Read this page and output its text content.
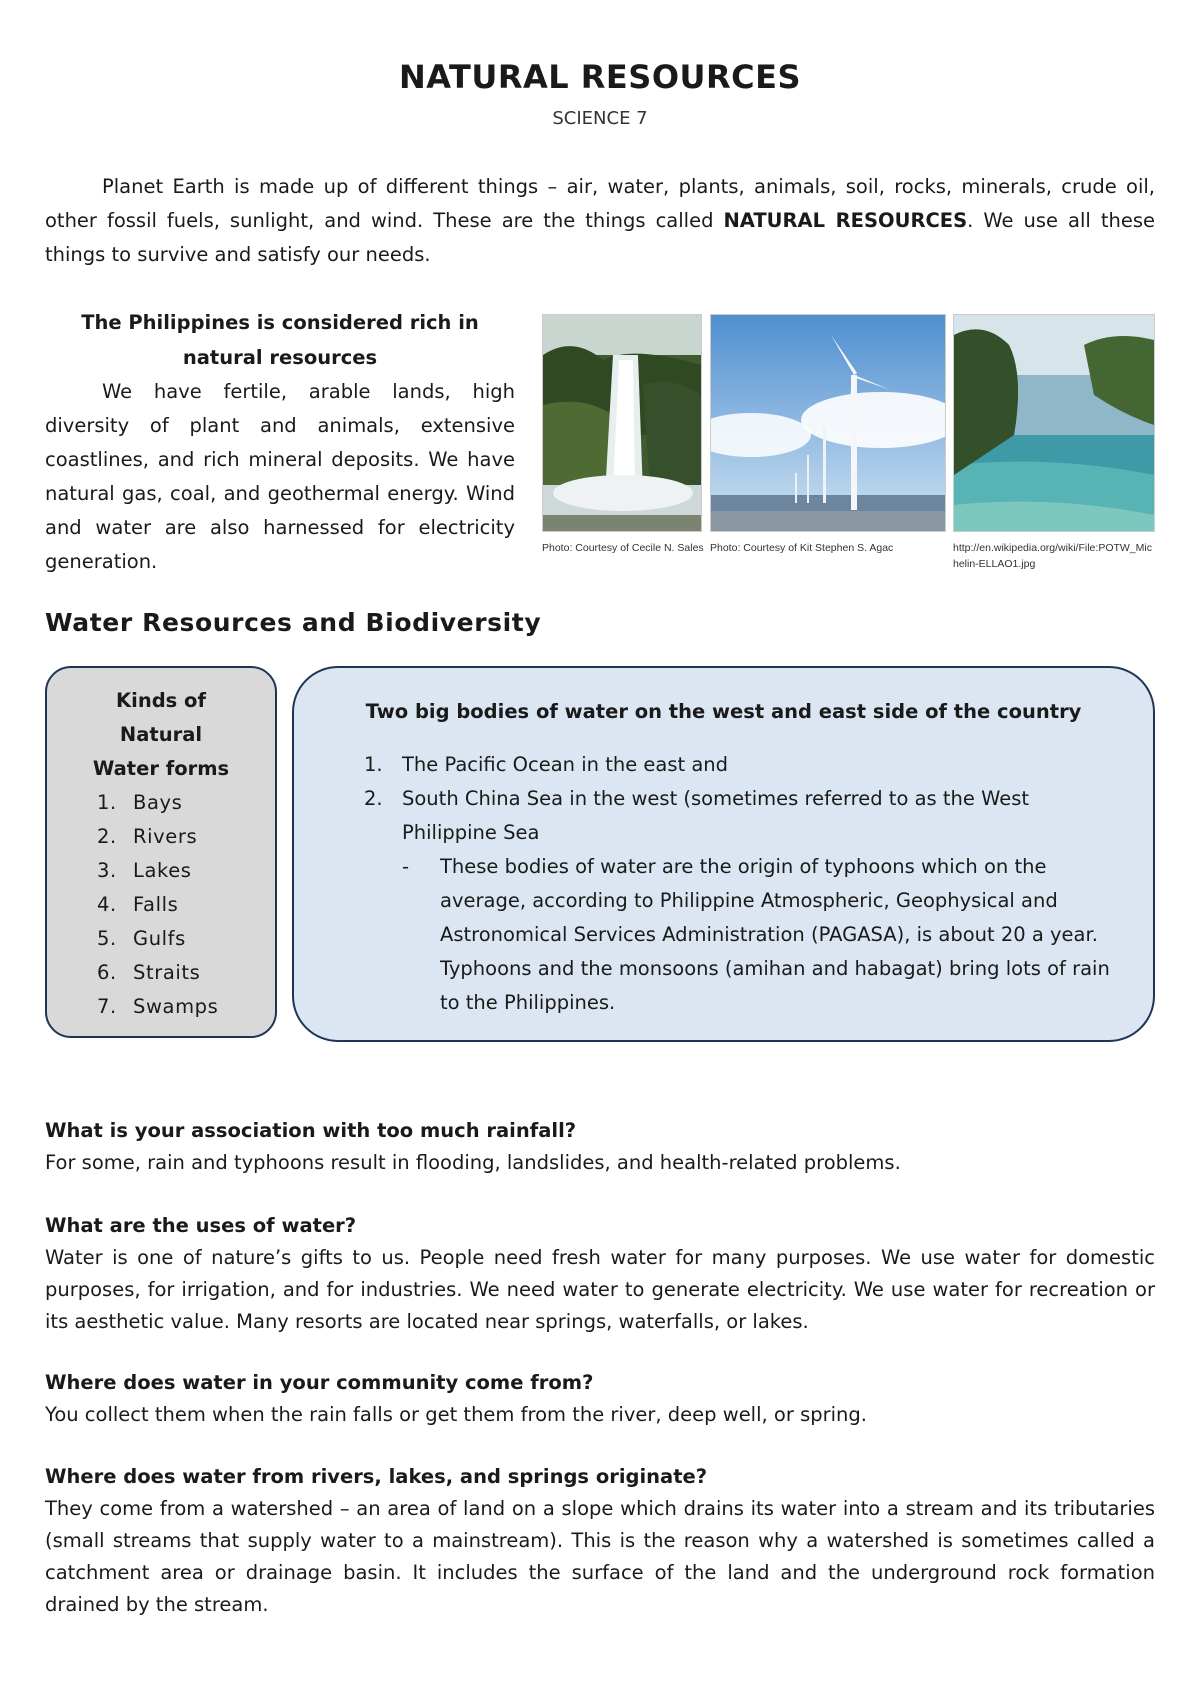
NATURAL RESOURCES
SCIENCE 7

Planet Earth is made up of different things – air, water, plants, animals, soil, rocks, minerals, crude oil, other fossil fuels, sunlight, and wind. These are the things called NATURAL RESOURCES. We use all these things to survive and satisfy our needs.

The Philippines is considered rich in natural resources

We have fertile, arable lands, high diversity of plant and animals, extensive coastlines, and rich mineral deposits. We have natural gas, coal, and geothermal energy. Wind and water are also harnessed for electricity generation.

Photo: Courtesy of Cecile N. Sales Photo: Courtesy of Kit Stephen S. Agac	http://en.wikipedia.org/wiki/File:POTW_Michelin-ELLAO1.jpg
Water Resources and Biodiversity

Kinds of Natural Water forms

1. Bays
2. Rivers
3. Lakes
4. Falls
5. Gulfs
6. Straits
7. Swamps
Two big bodies of water on the west and east side of the country
1. The Pacific Ocean in the east and
2. South China Sea in the west (sometimes referred to as the West Philippine Sea
- These bodies of water are the origin of typhoons which on the average, according to Philippine Atmospheric, Geophysical and Astronomical Services Administration (PAGASA), is about 20 a year. Typhoons and the monsoons (amihan and habagat) bring lots of rain to the Philippines.

What is your association with too much rainfall?

For some, rain and typhoons result in flooding, landslides, and health-related problems.

What are the uses of water?

Water is one of nature’s gifts to us. People need fresh water for many purposes. We use water for domestic purposes, for irrigation, and for industries. We need water to generate electricity. We use water for recreation or its aesthetic value. Many resorts are located near springs, waterfalls, or lakes.

Where does water in your community come from?

You collect them when the rain falls or get them from the river, deep well, or spring.

Where does water from rivers, lakes, and springs originate?

They come from a watershed – an area of land on a slope which drains its water into a stream and its tributaries (small streams that supply water to a mainstream). This is the reason why a watershed is sometimes called a catchment area or drainage basin. It includes the surface of the land and the underground rock formation drained by the stream.
